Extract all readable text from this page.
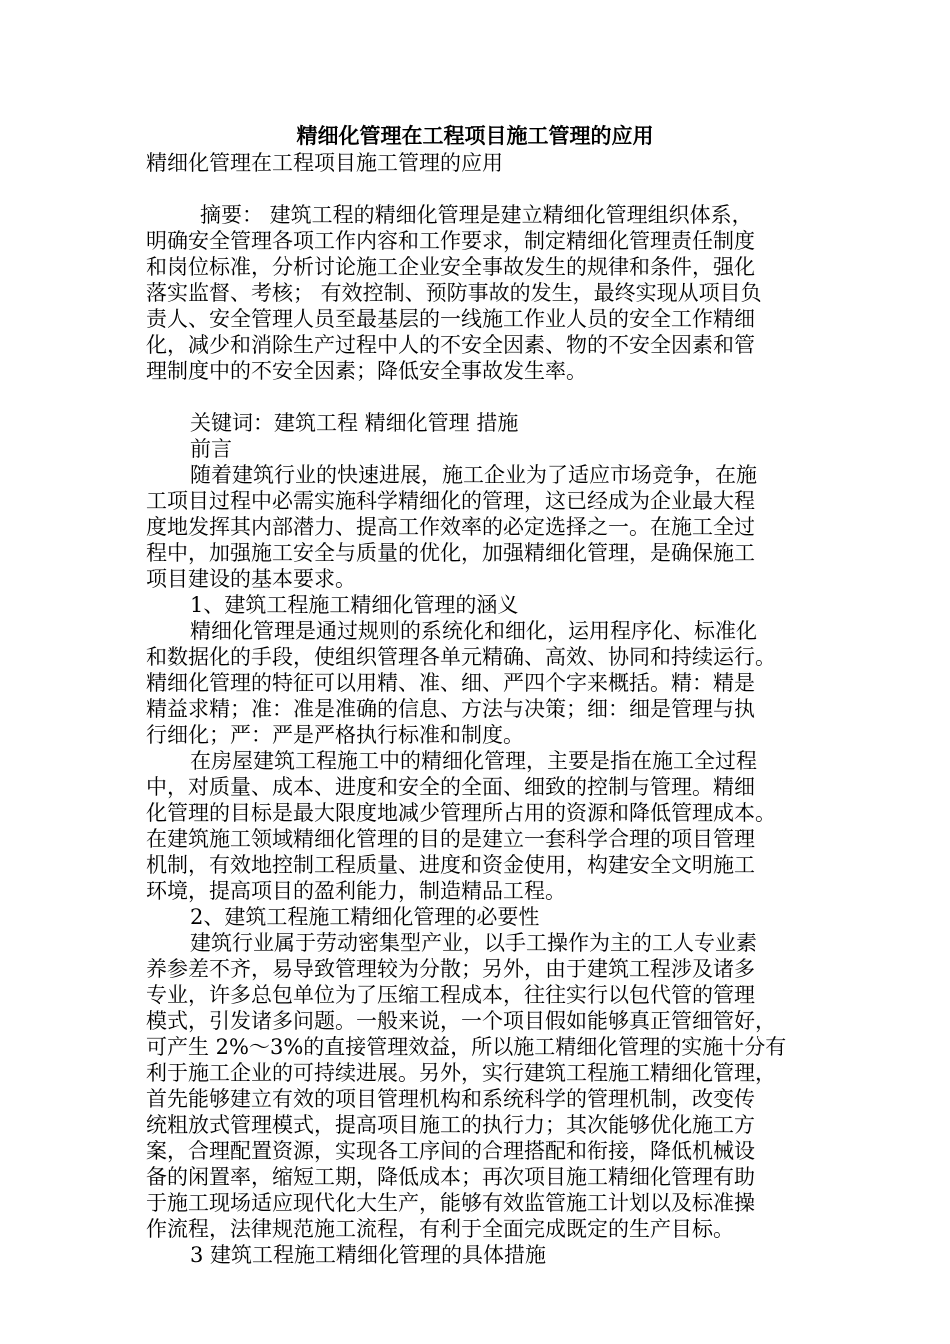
精细化管理在工程项目施工管理的应用
精细化管理在工程项目施工管理的应用
摘要： 建筑工程的精细化管理是建立精细化管理组织体系，
明确安全管理各项工作内容和工作要求，制定精细化管理责任制度
和岗位标准，分析讨论施工企业安全事故发生的规律和条件，强化
落实监督、考核； 有效控制、预防事故的发生，最终实现从项目负
责人、安全管理人员至最基层的一线施工作业人员的安全工作精细
化，减少和消除生产过程中人的不安全因素、物的不安全因素和管
理制度中的不安全因素；降低安全事故发生率。
关键词：建筑工程 精细化管理 措施
前言
随着建筑行业的快速进展，施工企业为了适应市场竞争，在施
工项目过程中必需实施科学精细化的管理，这已经成为企业最大程
度地发挥其内部潜力、提高工作效率的必定选择之一。在施工全过
程中，加强施工安全与质量的优化，加强精细化管理，是确保施工
项目建设的基本要求。
1、建筑工程施工精细化管理的涵义
精细化管理是通过规则的系统化和细化，运用程序化、标准化
和数据化的手段，使组织管理各单元精确、高效、协同和持续运行。
精细化管理的特征可以用精、准、细、严四个字来概括。精：精是
精益求精；准：准是准确的信息、方法与决策；细：细是管理与执
行细化；严：严是严格执行标准和制度。
在房屋建筑工程施工中的精细化管理，主要是指在施工全过程
中，对质量、成本、进度和安全的全面、细致的控制与管理。精细
化管理的目标是最大限度地减少管理所占用的资源和降低管理成本。
在建筑施工领域精细化管理的目的是建立一套科学合理的项目管理
机制，有效地控制工程质量、进度和资金使用，构建安全文明施工
环境，提高项目的盈利能力，制造精品工程。
2、建筑工程施工精细化管理的必要性
建筑行业属于劳动密集型产业，以手工操作为主的工人专业素
养参差不齐，易导致管理较为分散；另外，由于建筑工程涉及诸多
专业，许多总包单位为了压缩工程成本，往往实行以包代管的管理
模式，引发诸多问题。一般来说，一个项目假如能够真正管细管好，
可产生 2%～3%的直接管理效益，所以施工精细化管理的实施十分有
利于施工企业的可持续进展。另外，实行建筑工程施工精细化管理，
首先能够建立有效的项目管理机构和系统科学的管理机制，改变传
统粗放式管理模式，提高项目施工的执行力；其次能够优化施工方
案，合理配置资源，实现各工序间的合理搭配和衔接，降低机械设
备的闲置率，缩短工期，降低成本；再次项目施工精细化管理有助
于施工现场适应现代化大生产，能够有效监管施工计划以及标准操
作流程，法律规范施工流程，有利于全面完成既定的生产目标。
3 建筑工程施工精细化管理的具体措施
